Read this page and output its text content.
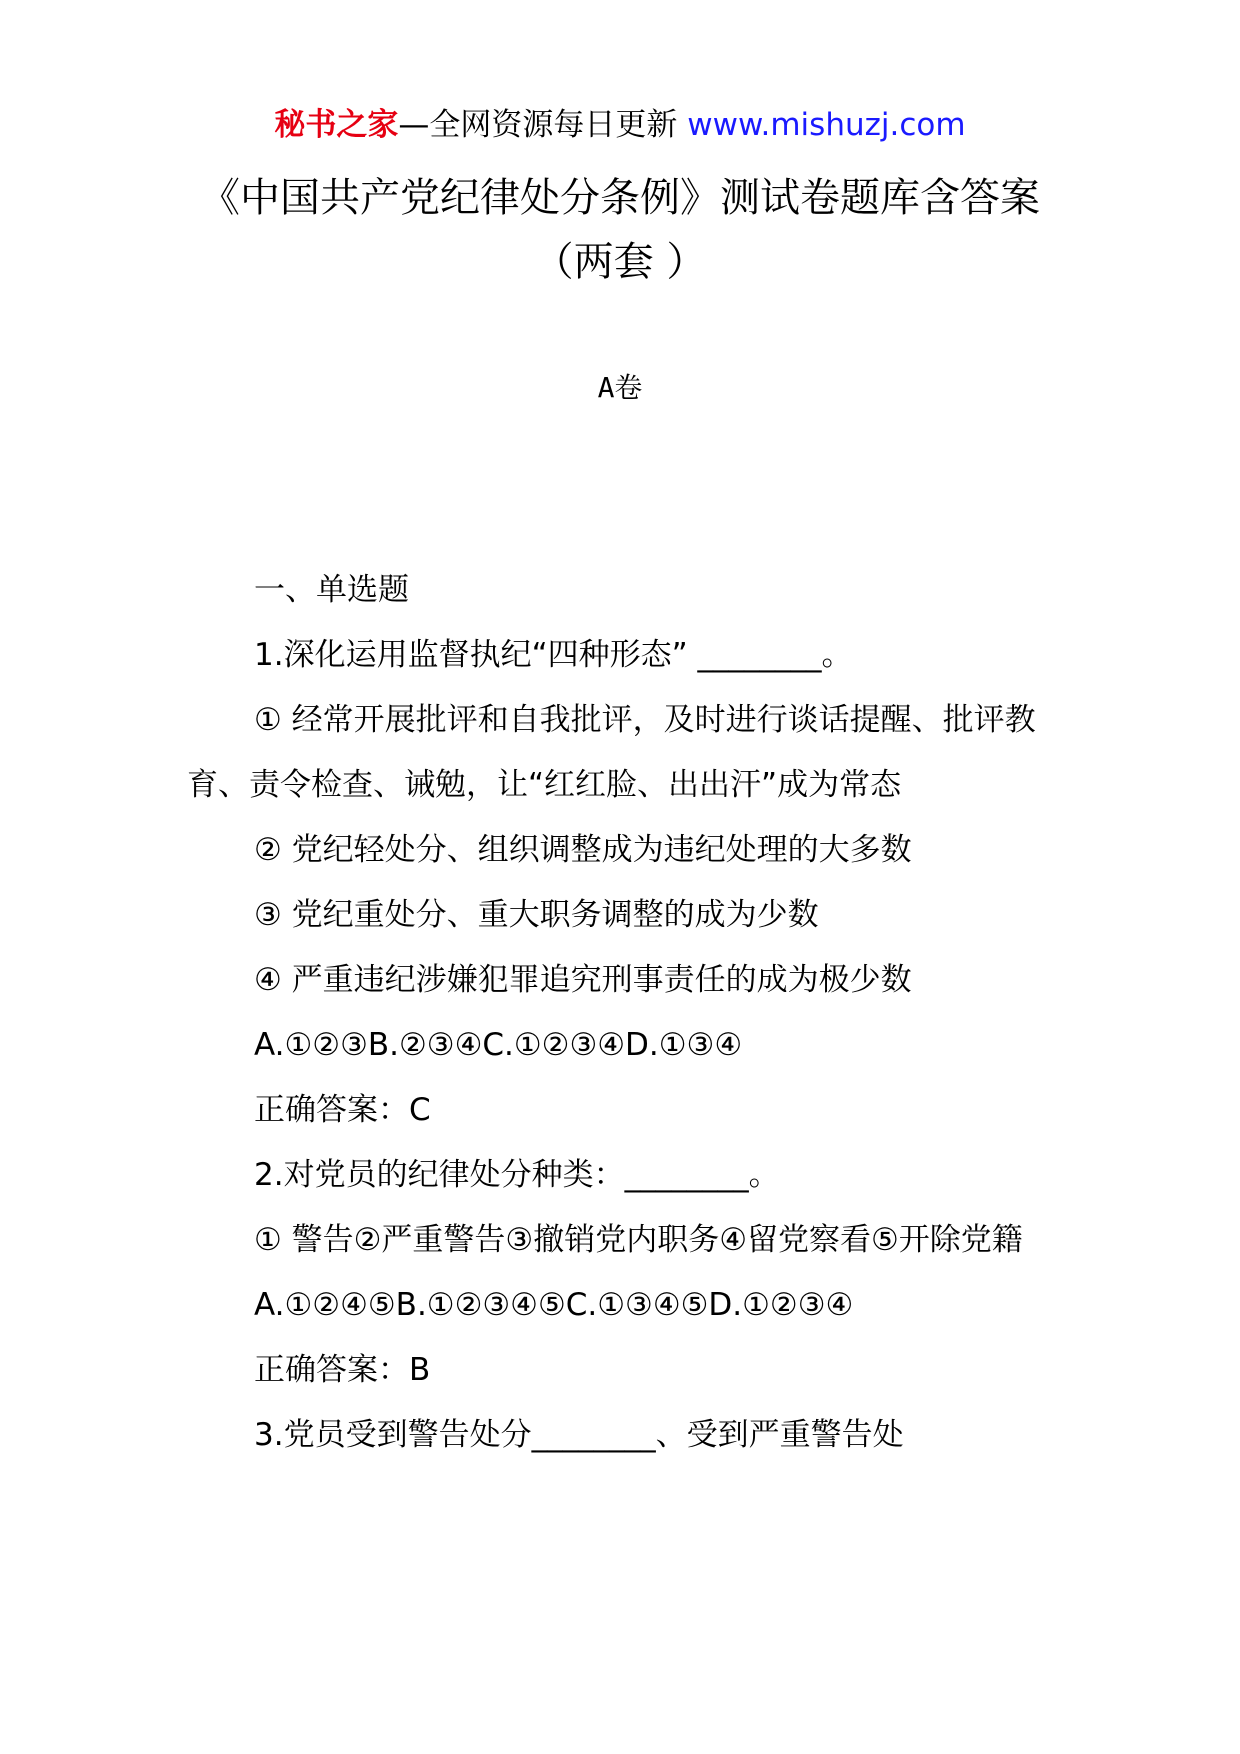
秘书之家—全网资源每日更新 www.mishuzj.com
《中国共产党纪律处分条例》测试卷题库含答案（两套 ）
A卷

一、单选题

1.深化运用监督执纪“四种形态” ________。

① 经常开展批评和自我批评，及时进行谈话提醒、批评教育、责令检查、诫勉，让“红红脸、出出汗”成为常态

② 党纪轻处分、组织调整成为违纪处理的大多数

③ 党纪重处分、重大职务调整的成为少数

④ 严重违纪涉嫌犯罪追究刑事责任的成为极少数

A.①②③B.②③④C.①②③④D.①③④

正确答案：C

2.对党员的纪律处分种类：________。

① 警告②严重警告③撤销党内职务④留党察看⑤开除党籍

A.①②④⑤B.①②③④⑤C.①③④⑤D.①②③④

正确答案：B

3.党员受到警告处分________、受到严重警告处
